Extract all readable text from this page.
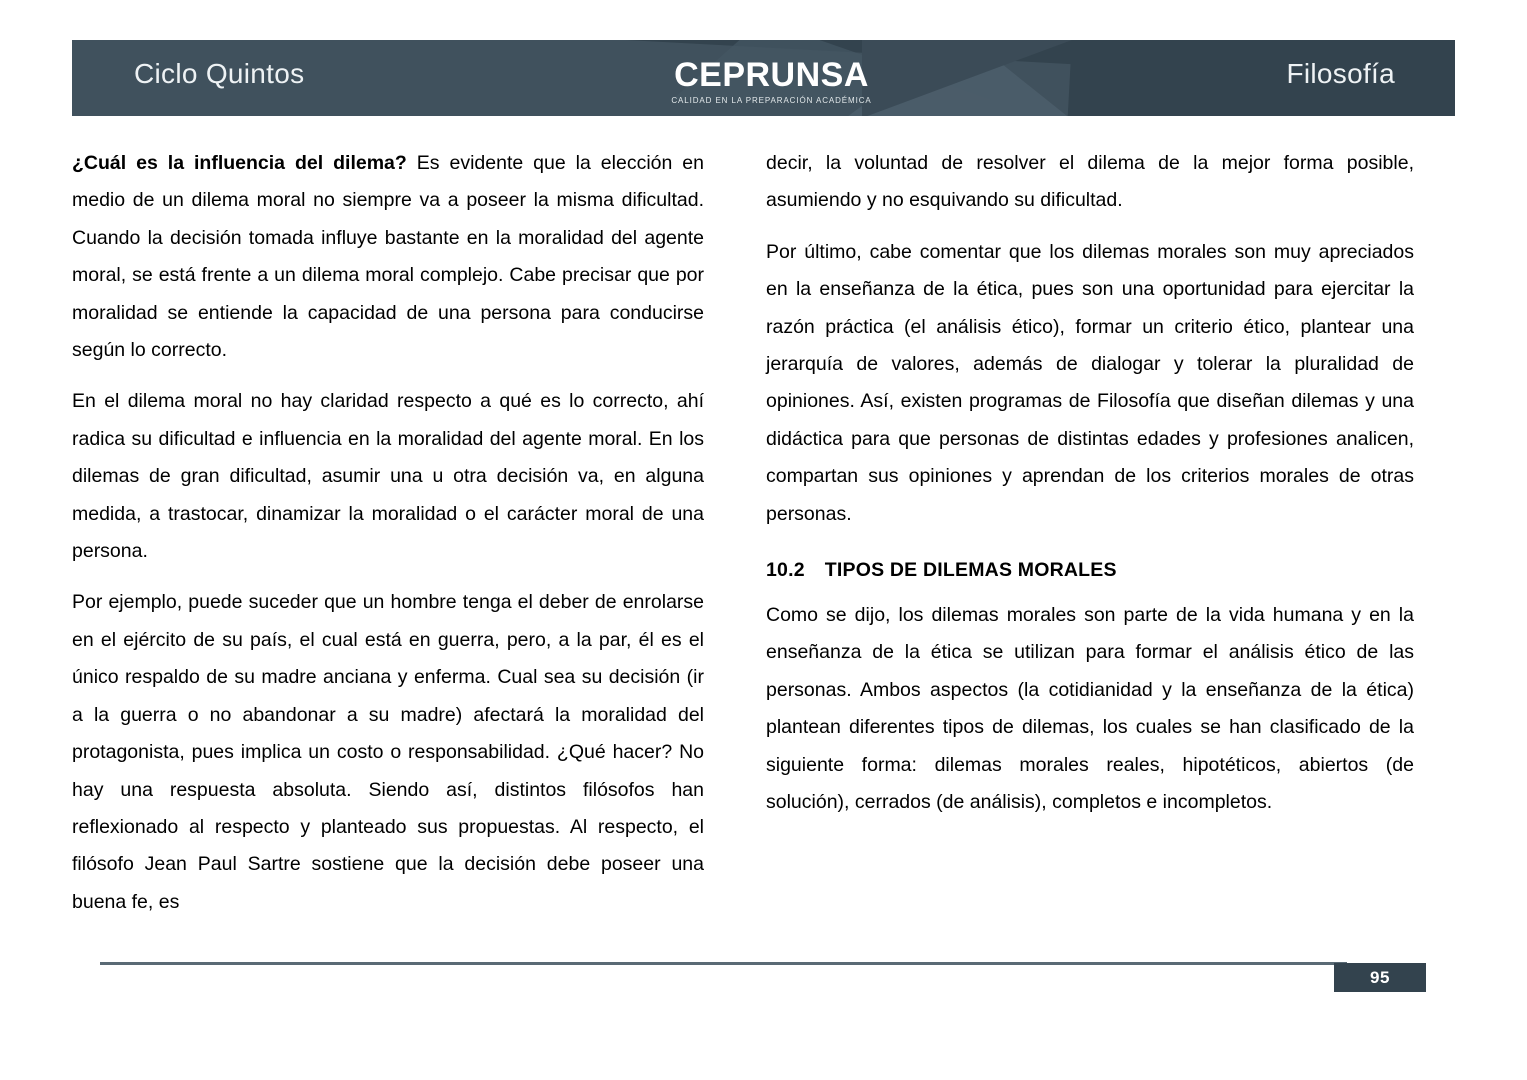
Ciclo Quintos	CEPRUNSA
CALIDAD EN LA PREPARACIÓN ACADÉMICA
Filosofía

¿Cuál es la influencia del dilema? Es evidente que la elección en medio de un dilema moral no siempre va a poseer la misma dificultad. Cuando la decisión tomada influye bastante en la moralidad del agente moral, se está frente a un dilema moral complejo. Cabe precisar que por moralidad se entiende la capacidad de una persona para conducirse según lo correcto.

En el dilema moral no hay claridad respecto a qué es lo correcto, ahí radica su dificultad e influencia en la moralidad del agente moral. En los dilemas de gran dificultad, asumir una u otra decisión va, en alguna medida, a trastocar, dinamizar la moralidad o el carácter moral de una persona.

Por ejemplo, puede suceder que un hombre tenga el deber de enrolarse en el ejército de su país, el cual está en guerra, pero, a la par, él es el único respaldo de su madre anciana y enferma. Cual sea su decisión (ir a la guerra o no abandonar a su madre) afectará la moralidad del protagonista, pues implica un costo o responsabilidad. ¿Qué hacer? No hay una respuesta absoluta. Siendo así, distintos filósofos han reflexionado al respecto y planteado sus propuestas. Al respecto, el filósofo Jean Paul Sartre sostiene que la decisión debe poseer una buena fe, es

decir, la voluntad de resolver el dilema de la mejor forma posible, asumiendo y no esquivando su dificultad.

Por último, cabe comentar que los dilemas morales son muy apreciados en la enseñanza de la ética, pues son una oportunidad para ejercitar la razón práctica (el análisis ético), formar un criterio ético, plantear una jerarquía de valores, además de dialogar y tolerar la pluralidad de opiniones. Así, existen programas de Filosofía que diseñan dilemas y una didáctica para que personas de distintas edades y profesiones analicen, compartan sus opiniones y aprendan de los criterios morales de otras personas.

10.2 TIPOS DE DILEMAS MORALES

Como se dijo, los dilemas morales son parte de la vida humana y en la enseñanza de la ética se utilizan para formar el análisis ético de las personas. Ambos aspectos (la cotidianidad y la enseñanza de la ética) plantean diferentes tipos de dilemas, los cuales se han clasificado de la siguiente forma: dilemas morales reales, hipotéticos, abiertos (de solución), cerrados (de análisis), completos e incompletos.

95
